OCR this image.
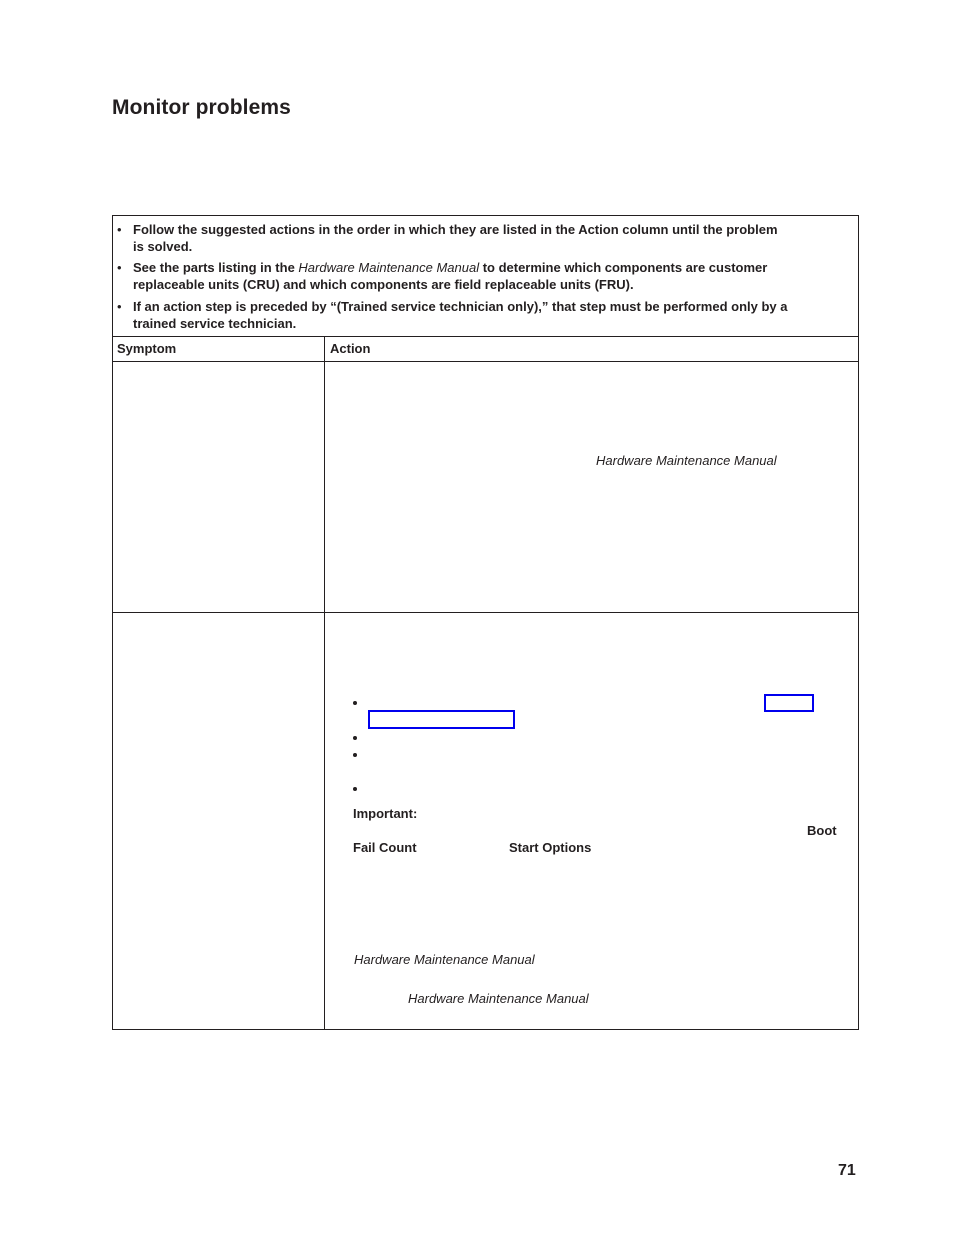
Monitor problems
• Follow the suggested actions in the order in which they are listed in the Action column until the problem
is solved.
• See the parts listing in the Hardware Maintenance Manual to determine which components are customer
replaceable units (CRU) and which components are field replaceable units (FRU).
• If an action step is preceded by “(Trained service technician only),” that step must be performed only by a
trained service technician.
Symptom	Action
Hardware Maintenance Manual
Important:
Boot
Fail Count	Start Options
Hardware Maintenance Manual
Hardware Maintenance Manual
71
